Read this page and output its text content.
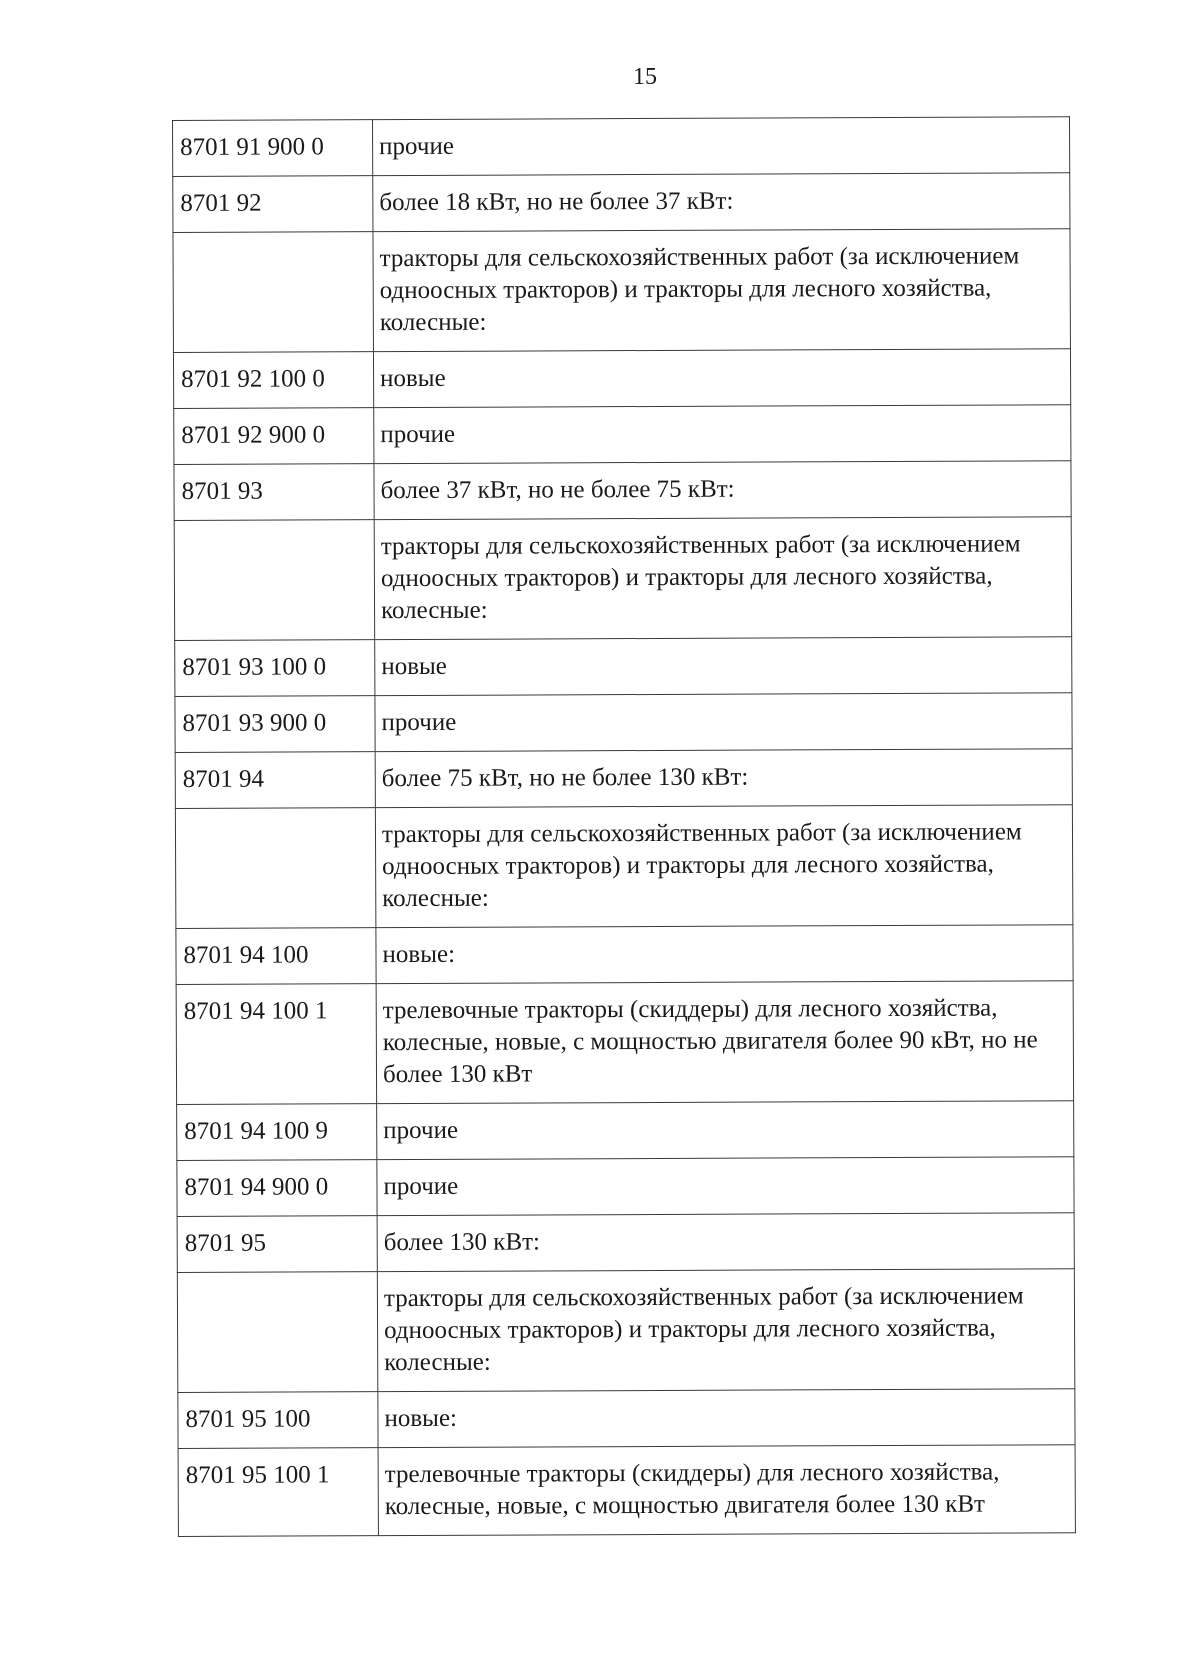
15
8701 91 900 0	прочие
8701 92	более 18 кВт, но не более 37 кВт:
	тракторы для сельскохозяйственных работ (за исключением одноосных тракторов) и тракторы для лесного хозяйства, колесные:
8701 92 100 0	новые
8701 92 900 0	прочие
8701 93	более 37 кВт, но не более 75 кВт:
	тракторы для сельскохозяйственных работ (за исключением одноосных тракторов) и тракторы для лесного хозяйства, колесные:
8701 93 100 0	новые
8701 93 900 0	прочие
8701 94	более 75 кВт, но не более 130 кВт:
	тракторы для сельскохозяйственных работ (за исключением одноосных тракторов) и тракторы для лесного хозяйства, колесные:
8701 94 100	новые:
8701 94 100 1	трелевочные тракторы (скиддеры) для лесного хозяйства, колесные, новые, с мощностью двигателя более 90 кВт, но не более 130 кВт
8701 94 100 9	прочие
8701 94 900 0	прочие
8701 95	более 130 кВт:
	тракторы для сельскохозяйственных работ (за исключением одноосных тракторов) и тракторы для лесного хозяйства, колесные:
8701 95 100	новые:
8701 95 100 1	трелевочные тракторы (скиддеры) для лесного хозяйства, колесные, новые, с мощностью двигателя более 130 кВт
